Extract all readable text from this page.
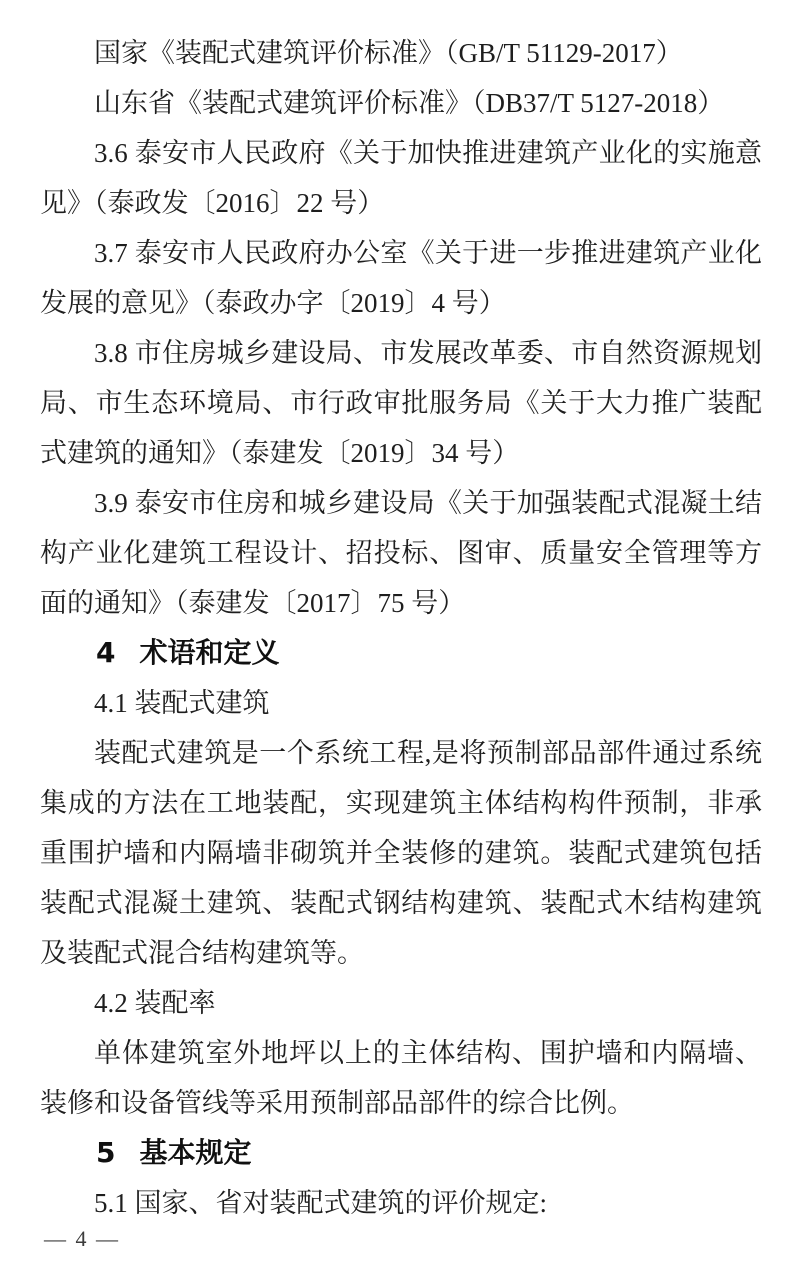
国家《装配式建筑评价标准》（GB/T 51129-2017）

山东省《装配式建筑评价标准》（DB37/T 5127-2018）

3.6 泰安市人民政府《关于加快推进建筑产业化的实施意见》（泰政发〔2016〕22 号）

3.7 泰安市人民政府办公室《关于进一步推进建筑产业化发展的意见》（泰政办字〔2019〕4 号）

3.8 市住房城乡建设局、市发展改革委、市自然资源规划局、市生态环境局、市行政审批服务局《关于大力推广装配式建筑的通知》（泰建发〔2019〕34 号）

3.9 泰安市住房和城乡建设局《关于加强装配式混凝土结构产业化建筑工程设计、招投标、图审、质量安全管理等方面的通知》（泰建发〔2017〕75 号）

4 术语和定义

4.1 装配式建筑

装配式建筑是一个系统工程,是将预制部品部件通过系统集成的方法在工地装配，实现建筑主体结构构件预制，非承重围护墙和内隔墙非砌筑并全装修的建筑。装配式建筑包括装配式混凝土建筑、装配式钢结构建筑、装配式木结构建筑及装配式混合结构建筑等。

4.2 装配率

单体建筑室外地坪以上的主体结构、围护墙和内隔墙、装修和设备管线等采用预制部品部件的综合比例。

5 基本规定

5.1 国家、省对装配式建筑的评价规定:

— 4 —
